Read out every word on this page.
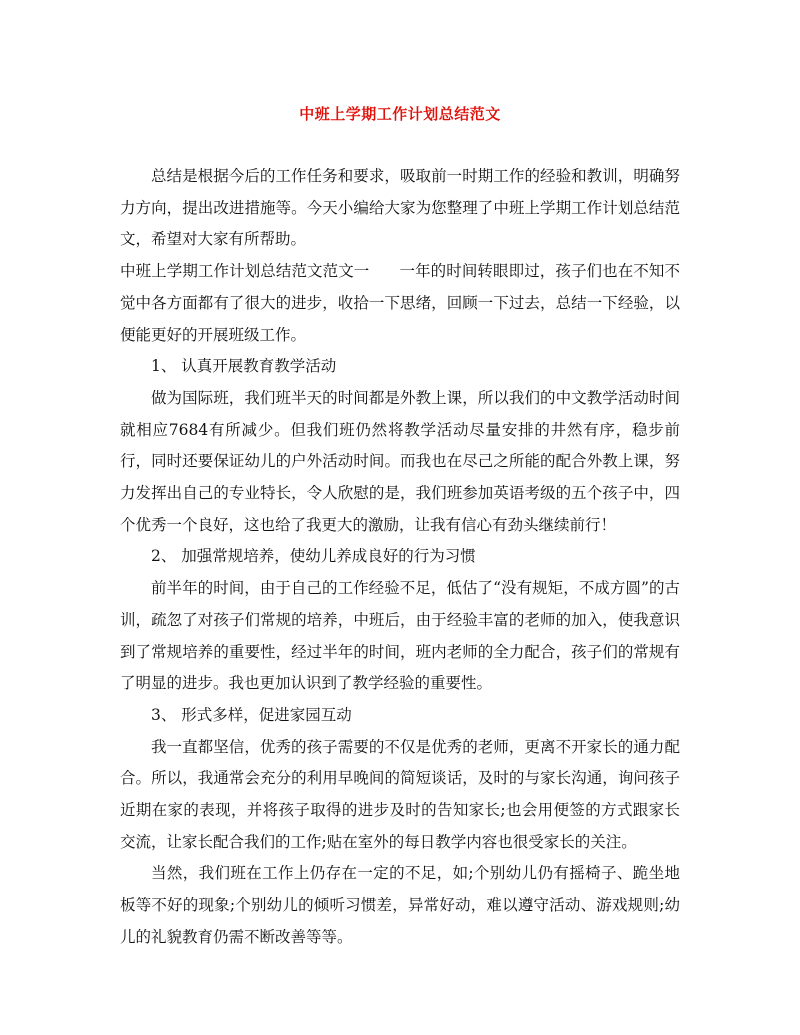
中班上学期工作计划总结范文

总结是根据今后的工作任务和要求，吸取前一时期工作的经验和教训，明确努力方向，提出改进措施等。今天小编给大家为您整理了中班上学期工作计划总结范文，希望对大家有所帮助。

中班上学期工作计划总结范文范文一 一年的时间转眼即过，孩子们也在不知不觉中各方面都有了很大的进步，收拾一下思绪，回顾一下过去，总结一下经验，以便能更好的开展班级工作。

1、 认真开展教育教学活动

做为国际班，我们班半天的时间都是外教上课，所以我们的中文教学活动时间就相应7684有所减少。但我们班仍然将教学活动尽量安排的井然有序，稳步前行，同时还要保证幼儿的户外活动时间。而我也在尽己之所能的配合外教上课，努力发挥出自己的专业特长，令人欣慰的是，我们班参加英语考级的五个孩子中，四个优秀一个良好，这也给了我更大的激励，让我有信心有劲头继续前行！

2、 加强常规培养，使幼儿养成良好的行为习惯

前半年的时间，由于自己的工作经验不足，低估了“没有规矩，不成方圆”的古训，疏忽了对孩子们常规的培养，中班后，由于经验丰富的老师的加入，使我意识到了常规培养的重要性，经过半年的时间，班内老师的全力配合，孩子们的常规有了明显的进步。我也更加认识到了教学经验的重要性。

3、 形式多样，促进家园互动

我一直都坚信，优秀的孩子需要的不仅是优秀的老师，更离不开家长的通力配合。所以，我通常会充分的利用早晚间的简短谈话，及时的与家长沟通，询问孩子近期在家的表现，并将孩子取得的进步及时的告知家长;也会用便签的方式跟家长交流，让家长配合我们的工作;贴在室外的每日教学内容也很受家长的关注。

当然，我们班在工作上仍存在一定的不足，如;个别幼儿仍有摇椅子、跪坐地板等不好的现象;个别幼儿的倾听习惯差，异常好动，难以遵守活动、游戏规则;幼儿的礼貌教育仍需不断改善等等。
